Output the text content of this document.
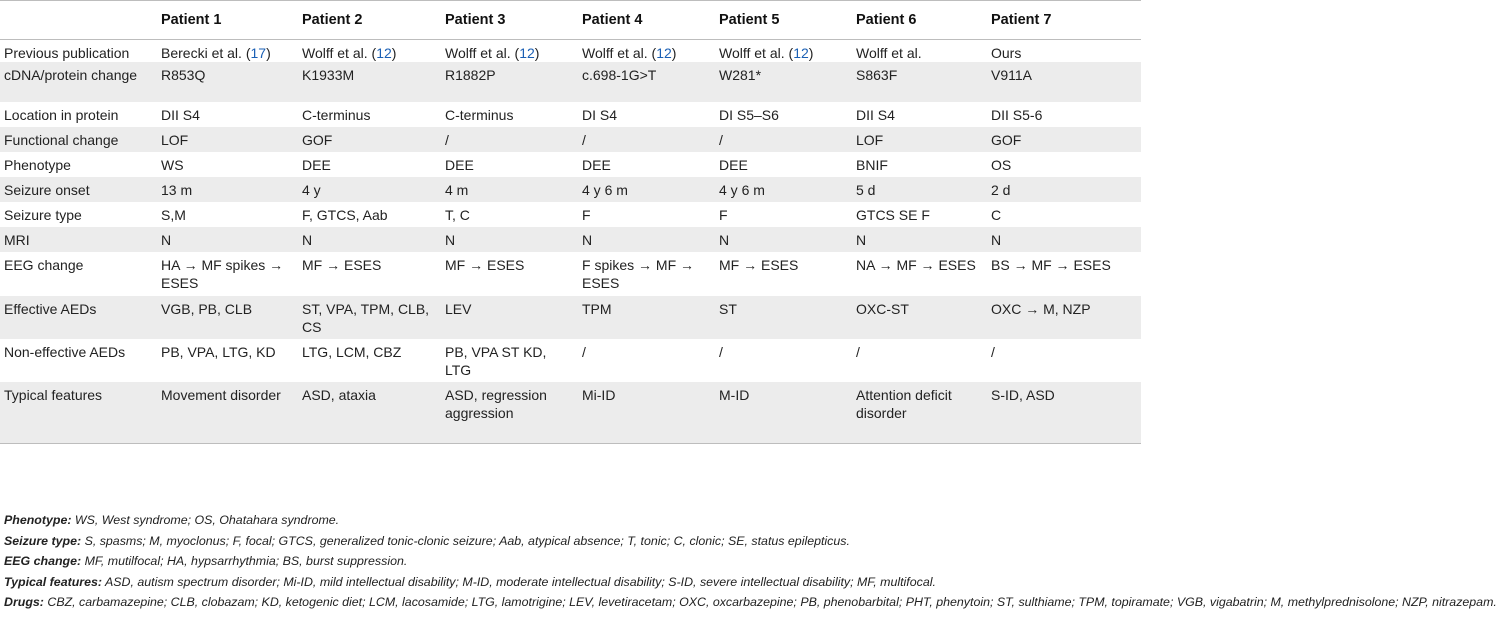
	Patient 1	Patient 2	Patient 3	Patient 4	Patient 5	Patient 6	Patient 7
Previous publication	Berecki et al. (17)	Wolff et al. (12)	Wolff et al. (12)	Wolff et al. (12)	Wolff et al. (12)	Wolff et al.	Ours
cDNA/protein change	R853Q	K1933M	R1882P	c.698-1G>T	W281*	S863F	V911A
Location in protein	DII S4	C-terminus	C-terminus	DI S4	DI S5–S6	DII S4	DII S5-6
Functional change	LOF	GOF	/	/	/	LOF	GOF
Phenotype	WS	DEE	DEE	DEE	DEE	BNIF	OS
Seizure onset	13 m	4 y	4 m	4 y 6 m	4 y 6 m	5 d	2 d
Seizure type	S,M	F, GTCS, Aab	T, C	F	F	GTCS SE F	C
MRI	N	N	N	N	N	N	N
EEG change	HA → MF spikes → ESES	MF → ESES	MF → ESES	F spikes → MF → ESES	MF → ESES	NA → MF → ESES	BS → MF → ESES
Effective AEDs	VGB, PB, CLB	ST, VPA, TPM, CLB, CS	LEV	TPM	ST	OXC-ST	OXC → M, NZP
Non-effective AEDs	PB, VPA, LTG, KD	LTG, LCM, CBZ	PB, VPA ST KD, LTG	/	/	/	/
Typical features	Movement disorder	ASD, ataxia	ASD, regression aggression	Mi-ID	M-ID	Attention deficit disorder	S-ID, ASD
Phenotype: WS, West syndrome; OS, Ohatahara syndrome.
Seizure type: S, spasms; M, myoclonus; F, focal; GTCS, generalized tonic-clonic seizure; Aab, atypical absence; T, tonic; C, clonic; SE, status epilepticus.
EEG change: MF, mutilfocal; HA, hypsarrhythmia; BS, burst suppression.
Typical features: ASD, autism spectrum disorder; Mi-ID, mild intellectual disability; M-ID, moderate intellectual disability; S-ID, severe intellectual disability; MF, multifocal.
Drugs: CBZ, carbamazepine; CLB, clobazam; KD, ketogenic diet; LCM, lacosamide; LTG, lamotrigine; LEV, levetiracetam; OXC, oxcarbazepine; PB, phenobarbital; PHT, phenytoin; ST, sulthiame; TPM, topiramate; VGB, vigabatrin; M, methylprednisolone; NZP, nitrazepam.
